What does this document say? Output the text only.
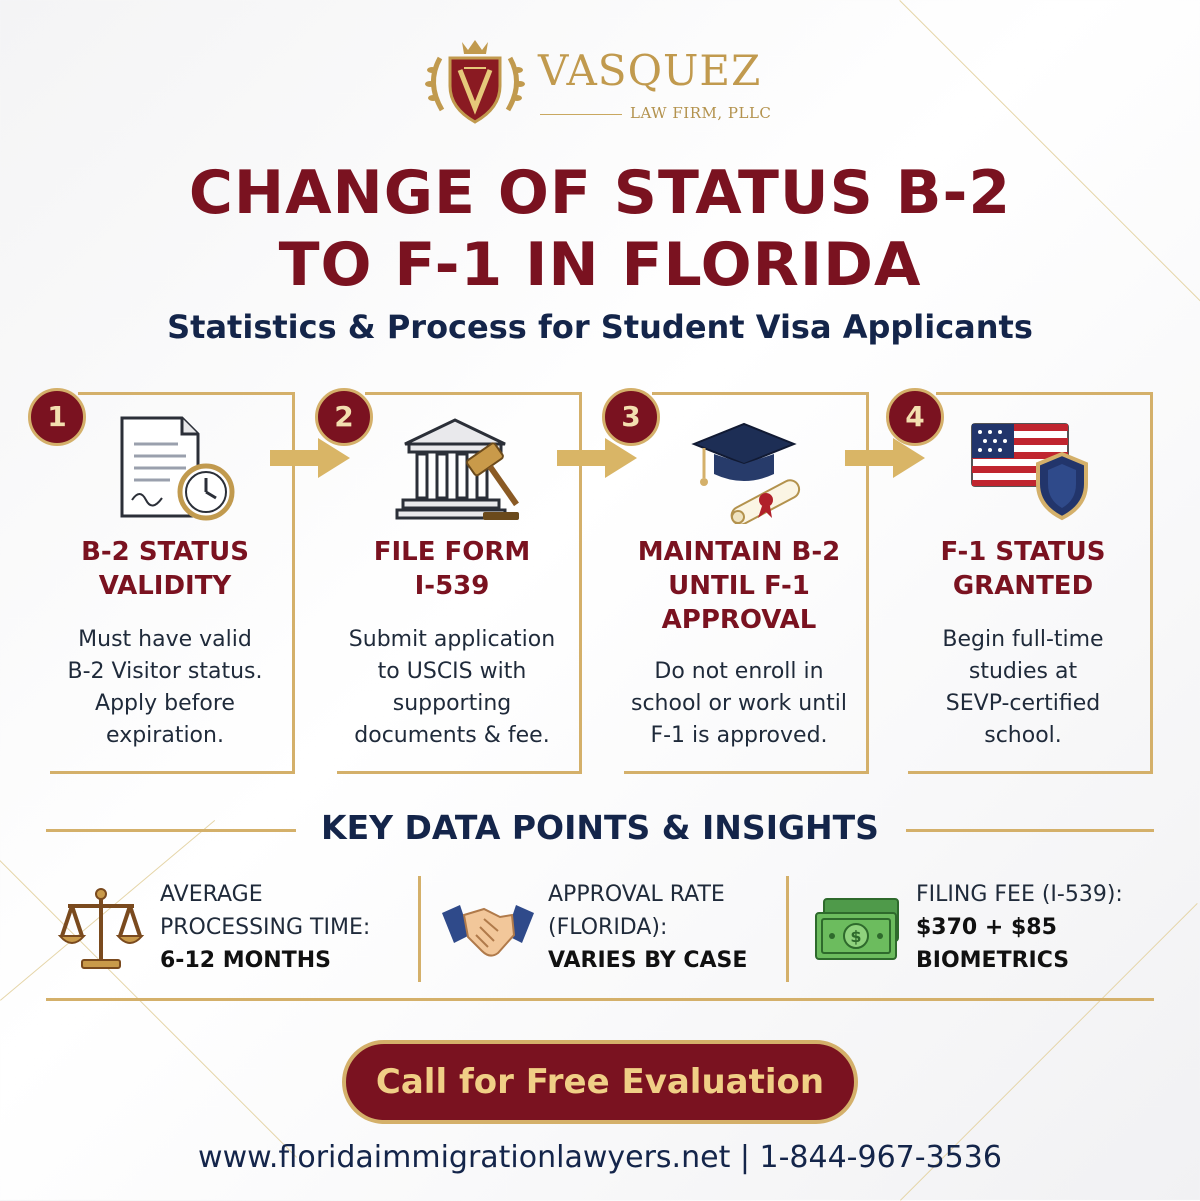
VASQUEZ
LAW FIRM, PLLC
CHANGE OF STATUS B-2
TO F-1 IN FLORIDA
Statistics & Process for Student Visa Applicants
1
B-2 STATUS
VALIDITY
Must have valid
B-2 Visitor status.
Apply before
expiration.
2
FILE FORM
I-539
Submit application
to USCIS with
supporting
documents & fee.
3
MAINTAIN B-2
UNTIL F-1
APPROVAL
Do not enroll in
school or work until
F-1 is approved.
4
F-1 STATUS
GRANTED
Begin full-time
studies at
SEVP-certified
school.
KEY DATA POINTS & INSIGHTS
AVERAGE
PROCESSING TIME:
6-12 MONTHS
APPROVAL RATE
(FLORIDA):
VARIES BY CASE
$
FILING FEE (I-539):
$370 + $85
BIOMETRICS
Call for Free Evaluation
www.floridaimmigrationlawyers.net | 1-844-967-3536
